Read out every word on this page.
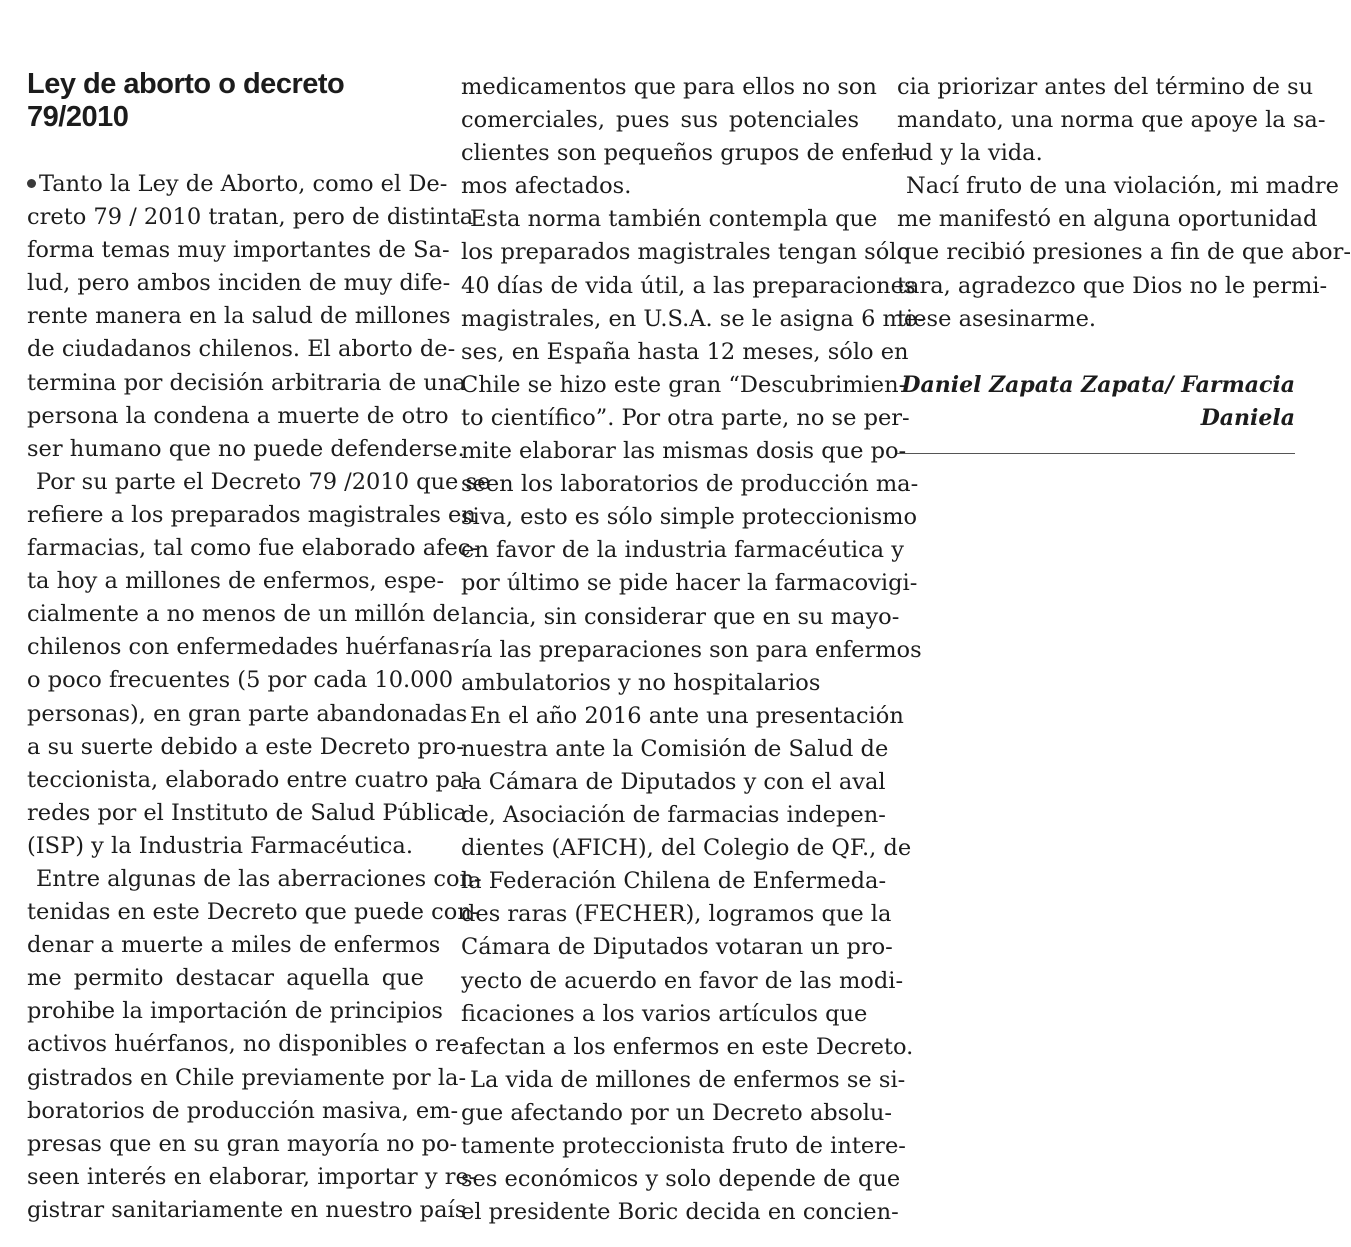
Ley de aborto o decreto
79/2010
Tanto la Ley de Aborto, como el De-
creto 79 / 2010 tratan, pero de distinta
forma temas muy importantes de Sa-
lud, pero ambos inciden de muy dife-
rente manera en la salud de millones
de ciudadanos chilenos. El aborto de-
termina por decisión arbitraria de una
persona la condena a muerte de otro
ser humano que no puede defenderse.
Por su parte el Decreto 79 /2010 que se
refiere a los preparados magistrales en
farmacias, tal como fue elaborado afec-
ta hoy a millones de enfermos, espe-
cialmente a no menos de un millón de
chilenos con enfermedades huérfanas
o poco frecuentes (5 por cada 10.000
personas), en gran parte abandonadas
a su suerte debido a este Decreto pro-
teccionista, elaborado entre cuatro pa-
redes por el Instituto de Salud Pública
(ISP) y la Industria Farmacéutica.
Entre algunas de las aberraciones con-
tenidas en este Decreto que puede con-
denar a muerte a miles de enfermos
me permito destacar aquella que
prohibe la importación de principios
activos huérfanos, no disponibles o re-
gistrados en Chile previamente por la-
boratorios de producción masiva, em-
presas que en su gran mayoría no po-
seen interés en elaborar, importar y re-
gistrar sanitariamente en nuestro país
medicamentos que para ellos no son
comerciales, pues sus potenciales
clientes son pequeños grupos de enfer-
mos afectados.
Esta norma también contempla que
los preparados magistrales tengan sólo
40 días de vida útil, a las preparaciones
magistrales, en U.S.A. se le asigna 6 me-
ses, en España hasta 12 meses, sólo en
Chile se hizo este gran “Descubrimien-
to científico”. Por otra parte, no se per-
mite elaborar las mismas dosis que po-
seen los laboratorios de producción ma-
siva, esto es sólo simple proteccionismo
en favor de la industria farmacéutica y
por último se pide hacer la farmacovigi-
lancia, sin considerar que en su mayo-
ría las preparaciones son para enfermos
ambulatorios y no hospitalarios
En el año 2016 ante una presentación
nuestra ante la Comisión de Salud de
la Cámara de Diputados y con el aval
de, Asociación de farmacias indepen-
dientes (AFICH), del Colegio de QF., de
la Federación Chilena de Enfermeda-
des raras (FECHER), logramos que la
Cámara de Diputados votaran un pro-
yecto de acuerdo en favor de las modi-
ficaciones a los varios artículos que
afectan a los enfermos en este Decreto.
La vida de millones de enfermos se si-
gue afectando por un Decreto absolu-
tamente proteccionista fruto de intere-
ses económicos y solo depende de que
el presidente Boric decida en concien-
cia priorizar antes del término de su
mandato, una norma que apoye la sa-
lud y la vida.
Nací fruto de una violación, mi madre
me manifestó en alguna oportunidad
que recibió presiones a fin de que abor-
tara, agradezco que Dios no le permi-
tiese asesinarme.
Daniel Zapata Zapata/ Farmacia
Daniela
